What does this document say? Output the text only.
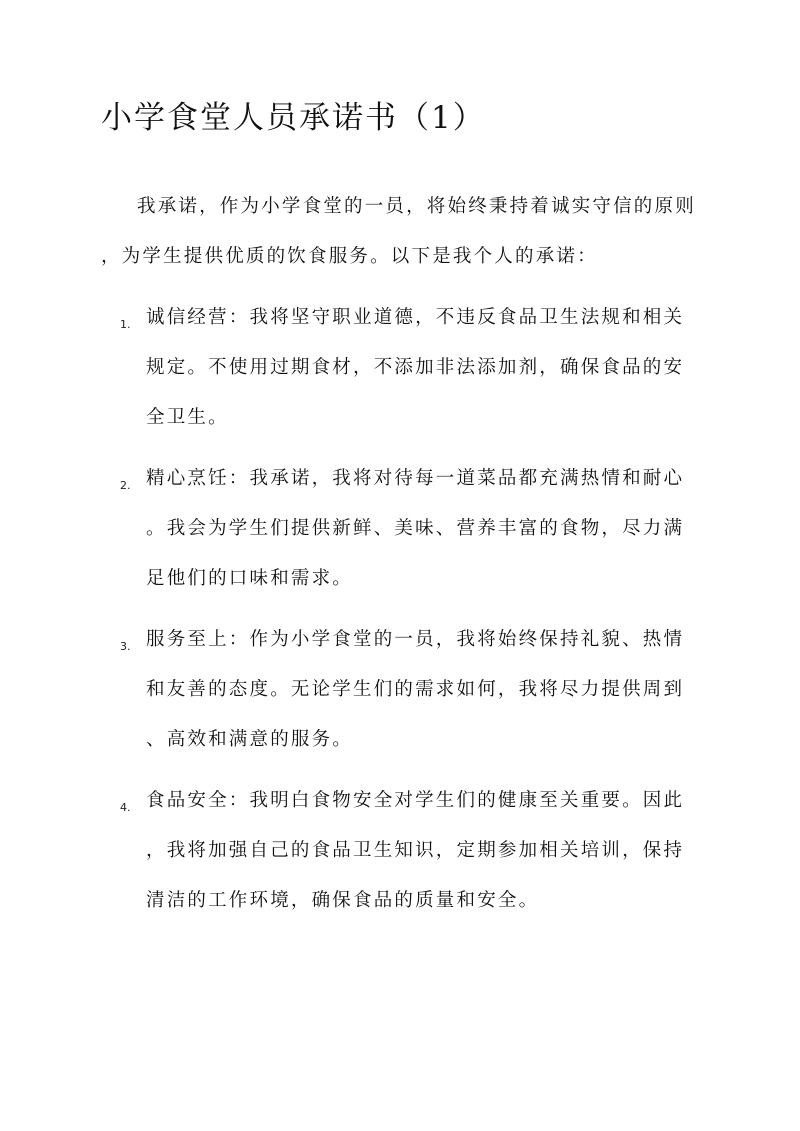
小学食堂人员承诺书（1）
我承诺，作为小学食堂的一员，将始终秉持着诚实守信的原则
，为学生提供优质的饮食服务。以下是我个人的承诺：
1. 诚信经营：我将坚守职业道德，不违反食品卫生法规和相关
规定。不使用过期食材，不添加非法添加剂，确保食品的安
全卫生。
2. 精心烹饪：我承诺，我将对待每一道菜品都充满热情和耐心
。我会为学生们提供新鲜、美味、营养丰富的食物，尽力满
足他们的口味和需求。
3. 服务至上：作为小学食堂的一员，我将始终保持礼貌、热情
和友善的态度。无论学生们的需求如何，我将尽力提供周到
、高效和满意的服务。
4. 食品安全：我明白食物安全对学生们的健康至关重要。因此
，我将加强自己的食品卫生知识，定期参加相关培训，保持
清洁的工作环境，确保食品的质量和安全。
